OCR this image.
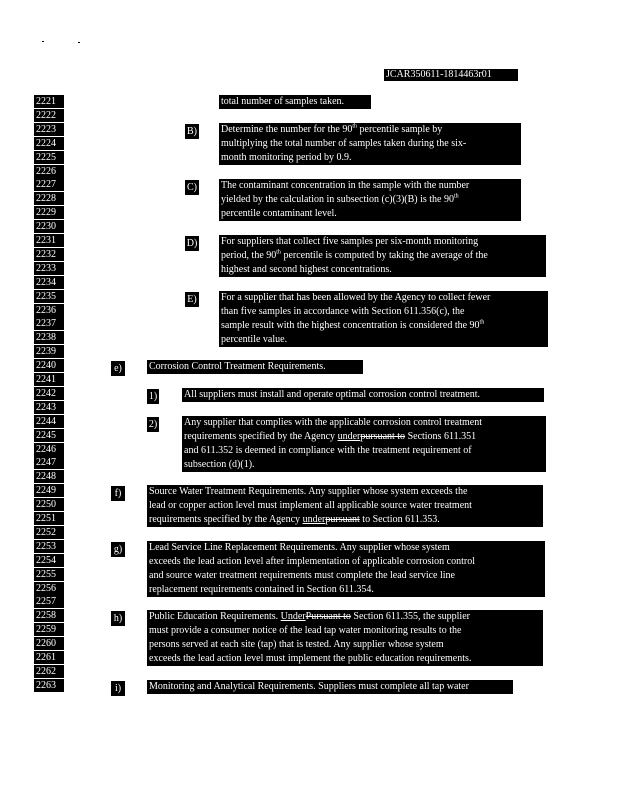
JCAR350611-1814463r01
2221
2222
2223
2224
2225
2226
2227
2228
2229
2230
2231
2232
2233
2234
2235
2236
2237
2238
2239
2240
2241
2242
2243
2244
2245
2246
2247
2248
2249
2250
2251
2252
2253
2254
2255
2256
2257
2258
2259
2260
2261
2262
2263
total number of samples taken.
B) Determine the number for the 90th percentile sample by
multiplying the total number of samples taken during the six-
month monitoring period by 0.9.
C) The contaminant concentration in the sample with the number
yielded by the calculation in subsection (c)(3)(B) is the 90th
percentile contaminant level.
D) For suppliers that collect five samples per six-month monitoring
period, the 90th percentile is computed by taking the average of the
highest and second highest concentrations.
E) For a supplier that has been allowed by the Agency to collect fewer
than five samples in accordance with Section 611.356(c), the
sample result with the highest concentration is considered the 90th
percentile value.
e)	Corrosion Control Treatment Requirements.
1)	All suppliers must install and operate optimal corrosion control treatment.
2)	Any supplier that complies with the applicable corrosion control treatment
requirements specified by the Agency underpursuant to Sections 611.351
and 611.352 is deemed in compliance with the treatment requirement of
subsection (d)(1).
f)	Source Water Treatment Requirements. Any supplier whose system exceeds the
lead or copper action level must implement all applicable source water treatment
requirements specified by the Agency underpursuant to Section 611.353.
g)	Lead Service Line Replacement Requirements. Any supplier whose system
exceeds the lead action level after implementation of applicable corrosion control
and source water treatment requirements must complete the lead service line
replacement requirements contained in Section 611.354.
h)	Public Education Requirements. UnderPursuant to Section 611.355, the supplier
must provide a consumer notice of the lead tap water monitoring results to the
persons served at each site (tap) that is tested. Any supplier whose system
exceeds the lead action level must implement the public education requirements.
i)	Monitoring and Analytical Requirements. Suppliers must complete all tap water
